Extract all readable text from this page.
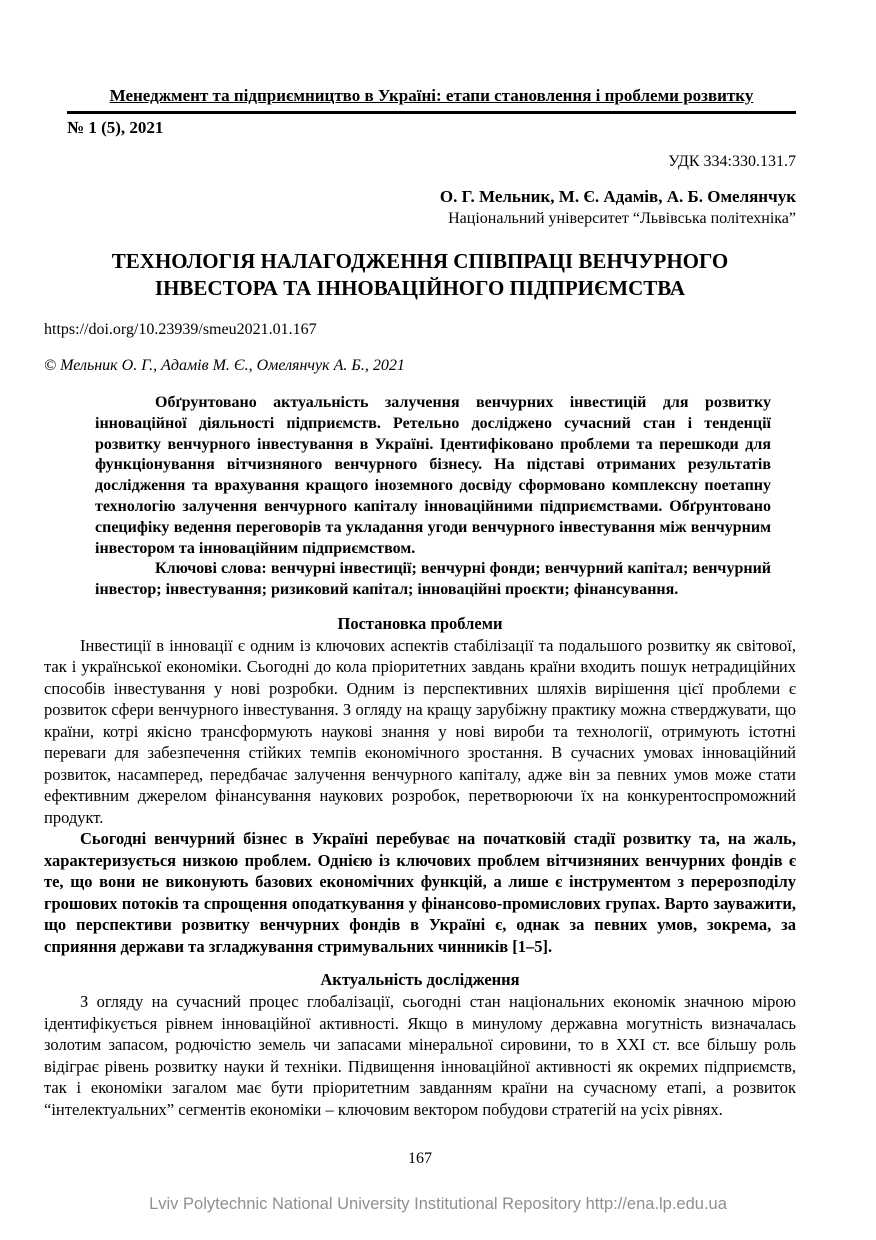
Менеджмент та підприємництво в Україні: етапи становлення і проблеми розвитку
№ 1 (5), 2021
УДК 334:330.131.7
О. Г. Мельник, М. Є. Адамів, А. Б. Омелянчук
Національний університет “Львівська політехніка”
ТЕХНОЛОГІЯ НАЛАГОДЖЕННЯ СПІВПРАЦІ ВЕНЧУРНОГО ІНВЕСТОРА ТА ІННОВАЦІЙНОГО ПІДПРИЄМСТВА
https://doi.org/10.23939/smeu2021.01.167
© Мельник О. Г., Адамів М. Є., Омелянчук А. Б., 2021

Обґрунтовано актуальність залучення венчурних інвестицій для розвитку інноваційної діяльності підприємств. Ретельно досліджено сучасний стан і тенденції розвитку венчурного інвестування в Україні. Ідентифіковано проблеми та перешкоди для функціонування вітчизняного венчурного бізнесу. На підставі отриманих результатів дослідження та врахування кращого іноземного досвіду сформовано комплексну поетапну технологію залучення венчурного капіталу інноваційними підприємствами. Обґрунтовано специфіку ведення переговорів та укладання угоди венчурного інвестування між венчурним інвестором та інноваційним підприємством.

Ключові слова: венчурні інвестиції; венчурні фонди; венчурний капітал; венчурний інвестор; інвестування; ризиковий капітал; інноваційні проєкти; фінансування.

Постановка проблеми

Інвестиції в інновації є одним із ключових аспектів стабілізації та подальшого розвитку як світової, так і української економіки. Сьогодні до кола пріоритетних завдань країни входить пошук нетрадиційних способів інвестування у нові розробки. Одним із перспективних шляхів вирішення цієї проблеми є розвиток сфери венчурного інвестування. З огляду на кращу зарубіжну практику можна стверджувати, що країни, котрі якісно трансформують наукові знання у нові вироби та технології, отримують істотні переваги для забезпечення стійких темпів економічного зростання. В сучасних умовах інноваційний розвиток, насамперед, передбачає залучення венчурного капіталу, адже він за певних умов може стати ефективним джерелом фінансування наукових розробок, перетворюючи їх на конкурентоспроможний продукт.

Сьогодні венчурний бізнес в Україні перебуває на початковій стадії розвитку та, на жаль, характеризується низкою проблем. Однією із ключових проблем вітчизняних венчурних фондів є те, що вони не виконують базових економічних функцій, а лише є інструментом з перерозподілу грошових потоків та спрощення оподаткування у фінансово-промислових групах. Варто зауважити, що перспективи розвитку венчурних фондів в Україні є, однак за певних умов, зокрема, за сприяння держави та згладжування стримувальних чинників [1–5].

Актуальність дослідження

З огляду на сучасний процес глобалізації, сьогодні стан національних економік значною мірою ідентифікується рівнем інноваційної активності. Якщо в минулому державна могутність визначалась золотим запасом, родючістю земель чи запасами мінеральної сировини, то в XXI ст. все більшу роль відіграє рівень розвитку науки й техніки. Підвищення інноваційної активності як окремих підприємств, так і економіки загалом має бути пріоритетним завданням країни на сучасному етапі, а розвиток “інтелектуальних” сегментів економіки – ключовим вектором побудови стратегій на усіх рівнях.

167
Lviv Polytechnic National University Institutional Repository http://ena.lp.edu.ua
